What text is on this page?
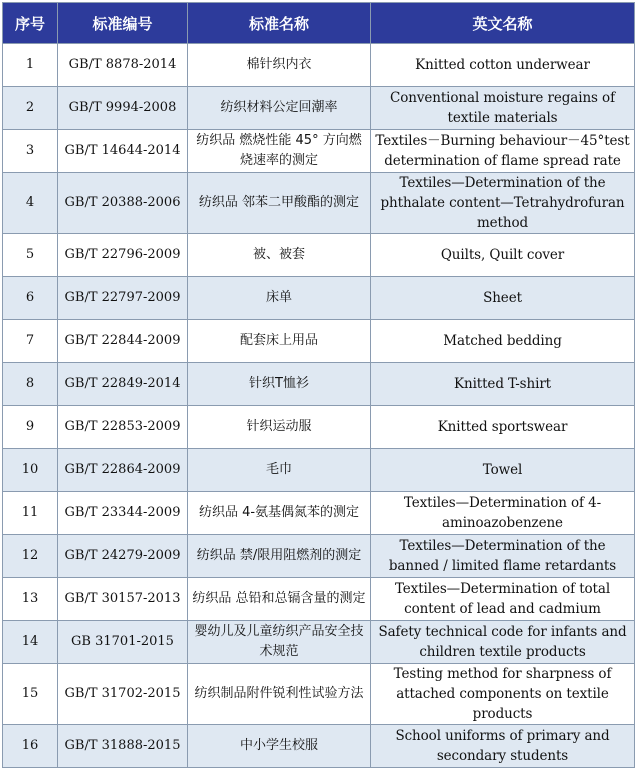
序号	标准编号	标准名称	英文名称
1	GB/T 8878-2014	棉针织内衣	Knitted cotton underwear
2	GB/T 9994-2008	纺织材料公定回潮率	Conventional moisture regains of textile materials
3	GB/T 14644-2014	纺织品 燃烧性能 45° 方向燃烧速率的测定	Textiles－Burning behaviour－45°test determination of flame spread rate
4	GB/T 20388-2006	纺织品 邻苯二甲酸酯的测定	Textiles—Determination of the phthalate content—Tetrahydrofuran method
5	GB/T 22796-2009	被、被套	Quilts, Quilt cover
6	GB/T 22797-2009	床单	Sheet
7	GB/T 22844-2009	配套床上用品	Matched bedding
8	GB/T 22849-2014	针织T恤衫	Knitted T-shirt
9	GB/T 22853-2009	针织运动服	Knitted sportswear
10	GB/T 22864-2009	毛巾	Towel
11	GB/T 23344-2009	纺织品 4-氨基偶氮苯的测定	Textiles—Determination of 4-aminoazobenzene
12	GB/T 24279-2009	纺织品 禁/限用阻燃剂的测定	Textiles—Determination of the banned / limited flame retardants
13	GB/T 30157-2013	纺织品 总铅和总镉含量的测定	Textiles—Determination of total content of lead and cadmium
14	GB 31701-2015	婴幼儿及儿童纺织产品安全技术规范	Safety technical code for infants and children textile products
15	GB/T 31702-2015	纺织制品附件锐利性试验方法	Testing method for sharpness of attached components on textile products
16	GB/T 31888-2015	中小学生校服	School uniforms of primary and secondary students
